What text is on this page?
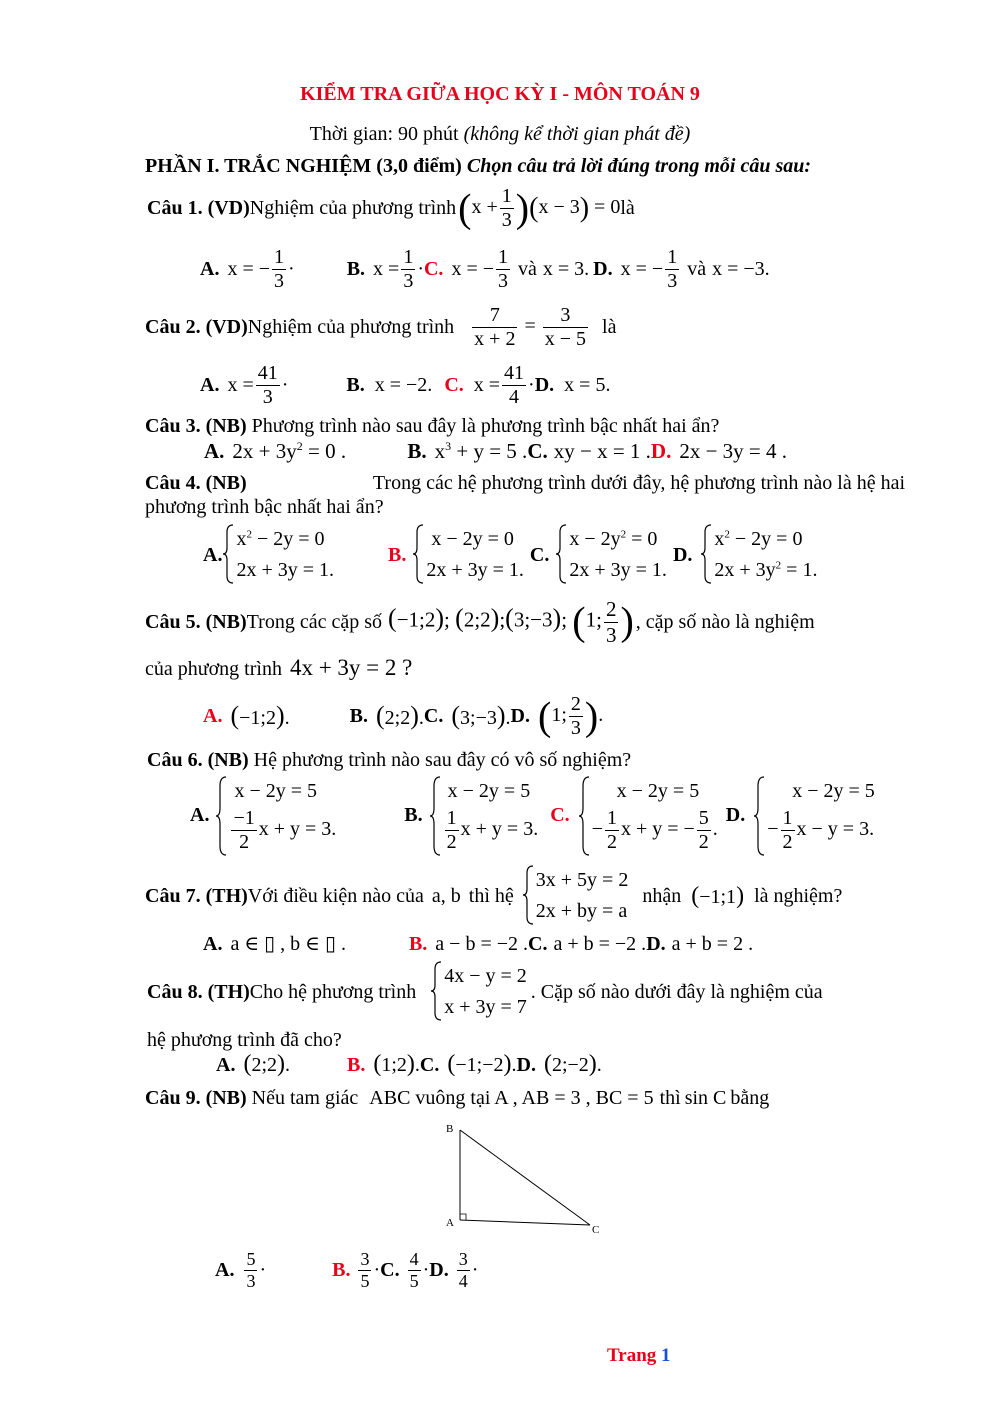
KIỂM TRA GIỮA HỌC KỲ I - MÔN TOÁN 9
Thời gian: 90 phút (không kể thời gian phát đề)
PHẦN I. TRẮC NGHIỆM (3,0 điểm) Chọn câu trả lời đúng trong mỗi câu sau:
Câu 1. (VD) Nghiệm của phương trình $(x + \frac{1}{3} )(x - 3) = 0$ là
A. x = − $\frac{1}{3}$ ·	B. $x = \frac{1}{3} \cdot C$. x = − $\frac{1}{3}$ và x = 3. D. x = − $\frac{1}{3}$ và x = −3.
Câu 2. (VD) Nghiệm của phương trình $\frac{7}{x + 2} = \frac{3}{x - 5}$ là
A. $x = \frac{41}{3}$ ·	B. x = −2. C. $x = \frac{41}{4} \cdot D$. x = 5.
Câu 3. (NB) Phương trình nào sau đây là phương trình bậc nhất hai ẩn?
A. $2x + 3y^2 = 0$ .	B. $x^3 + y = 5$ .C. xy − x = 1 .D. 2x − 3y = 4 .
Câu 4. (NB)	Trong các hệ phương trình dưới đây, hệ phương trình nào là hệ hai
phương trình bậc nhất hai ẩn?
A.
$x^2 - 2y = 0$
2x + 3y = 1.
B.
x − 2y = 0
2x + 3y = 1.
C.
$x - 2y^2 = 0$
2x + 3y = 1.
D.
$x^2 - 2y = 0$
$2x + 3y^2 = 1$.
Câu 5. (NB) Trong các cặp số (−1;2); (2;2);(3;−3); (1; $\frac{2}{3}$ ) , cặp số nào là nghiệm
của phương trình 4x + 3y = 2 ?
A. (−1;2).	B. (2;2). C. (3;−3). D. (1; $\frac{2}{3}$ ).
Câu 6. (NB) Hệ phương trình nào sau đây có vô số nghiệm?
A.
x − 2y = 5
$\frac{-1}{2}$ x + y = 3.
B.
x − 2y = 5
$\frac{1}{2}$ x + y = 3.
C.
x − 2y = 5
− $\frac{1}{2}$ x + y = − $\frac{5}{2}$ .
D.
x − 2y = 5
− $\frac{1}{2}$ x − y = 3.
Câu 7. (TH) Với điều kiện nào của a, b thì hệ
3x + 5y = 2
2x + by = a
nhận (−1;1) là nghiệm?
A. a ∈ ▯ , b ∈ ▯ .	B. a − b = −2 .C. a + b = −2 .D. a + b = 2 .
Câu 8. (TH) Cho hệ phương trình
4x − y = 2
x + 3y = 7
. Cặp số nào dưới đây là nghiệm của
hệ phương trình đã cho?
A. (2;2).	B. (1;2).C. (−1;−2).D. (2;−2).
Câu 9. (NB) Nếu tam giác ABC vuông tại A , AB = 3 , BC = 5 thì sin C bằng
B
A
C
A. $\frac{5}{3}$ ·	B. $\frac{3}{5} \cdot C$. $\frac{4}{5} \cdot D$. $\frac{3}{4}$ ·
Trang 1
